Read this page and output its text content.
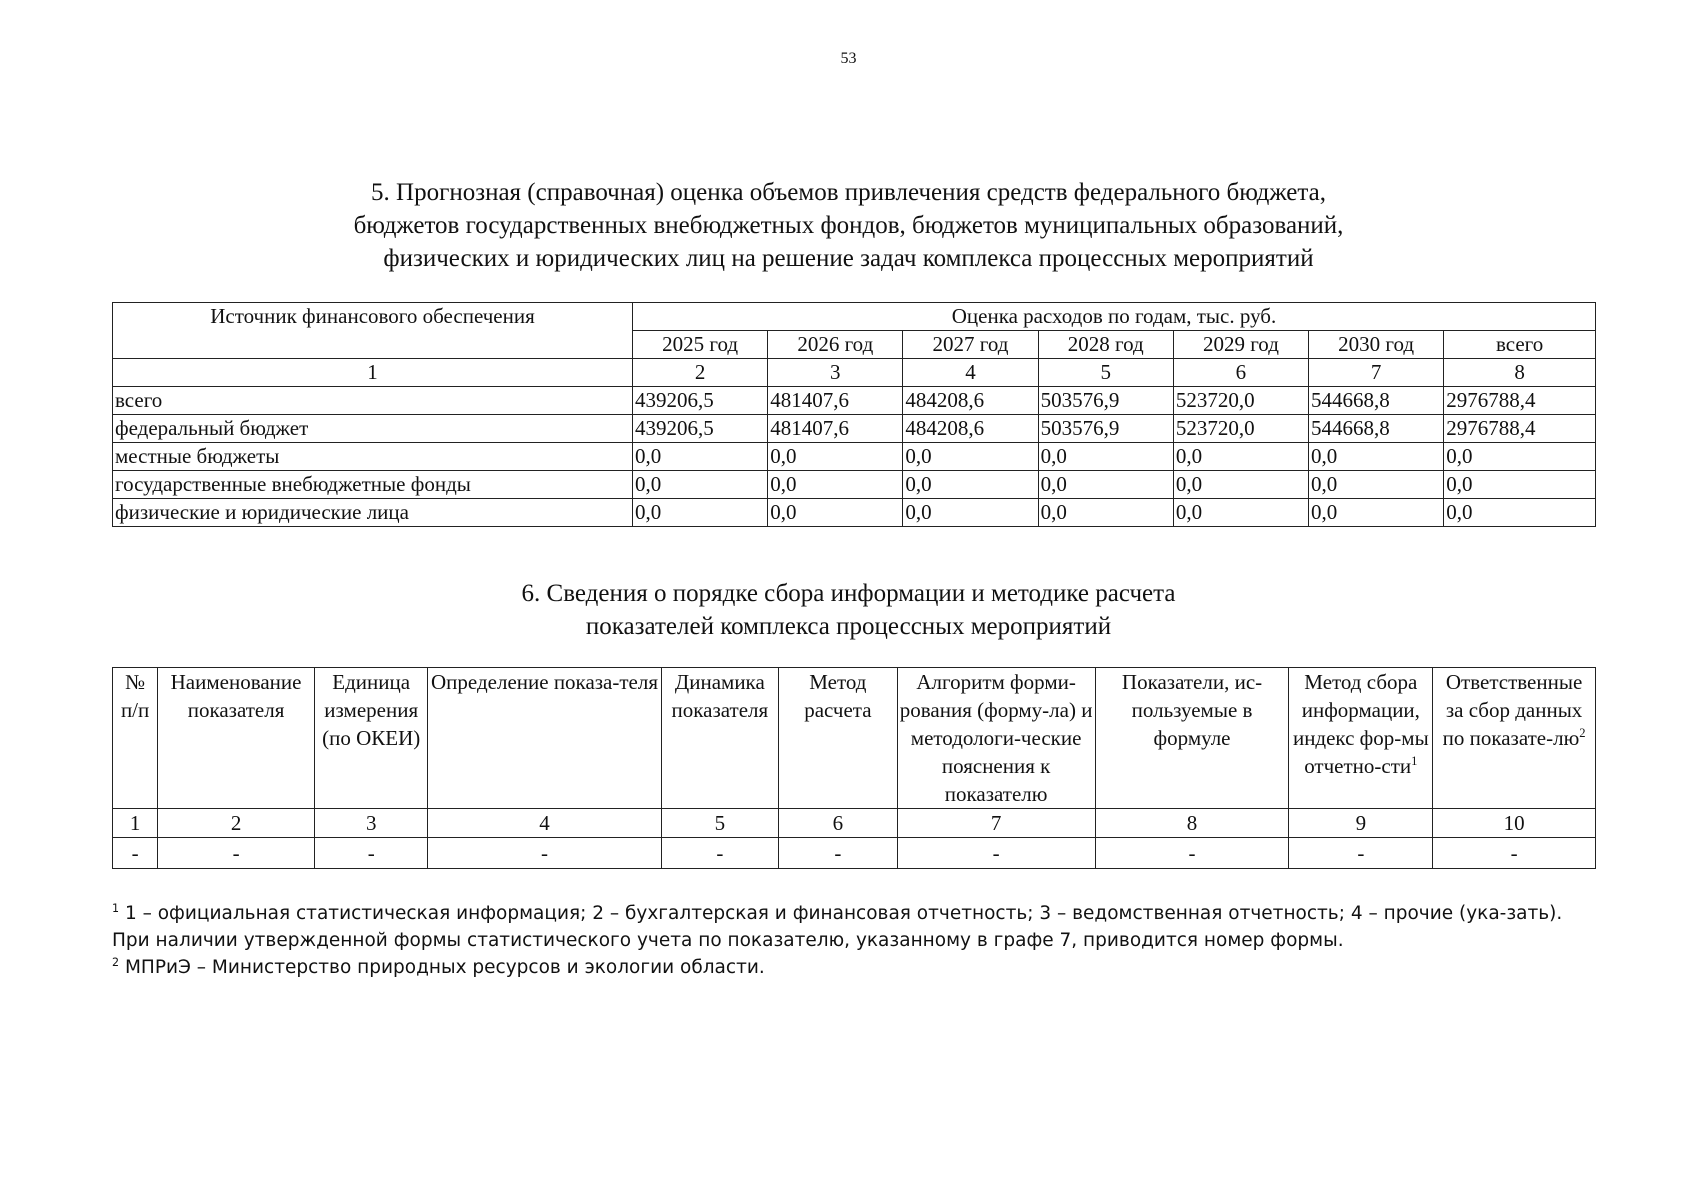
53
5. Прогнозная (справочная) оценка объемов привлечения средств федерального бюджета,
бюджетов государственных внебюджетных фондов, бюджетов муниципальных образований,
физических и юридических лиц на решение задач комплекса процессных мероприятий
Источник финансового обеспечения	Оценка расходов по годам, тыс. руб.						
	2025 год	2026 год	2027 год	2028 год	2029 год	2030 год	всего
1	2	3	4	5	6	7	8
всего	439206,5	481407,6	484208,6	503576,9	523720,0	544668,8	2976788,4
федеральный бюджет	439206,5	481407,6	484208,6	503576,9	523720,0	544668,8	2976788,4
местные бюджеты	0,0	0,0	0,0	0,0	0,0	0,0	0,0
государственные внебюджетные фонды	0,0	0,0	0,0	0,0	0,0	0,0	0,0
физические и юридические лица	0,0	0,0	0,0	0,0	0,0	0,0	0,0
6. Сведения о порядке сбора информации и методике расчета
показателей комплекса процессных мероприятий
№ п/п	Наименование показателя	Единица измерения (по ОКЕИ)	Определение показа-теля	Динамика показателя	Метод расчета	Алгоритм форми-рования (форму-ла) и методологи-ческие пояснения к показателю	Показатели, ис-пользуемые в формуле	Метод сбора информации, индекс фор-мы отчетно-сти$^1$	Ответственные за сбор данных по показате-$лю^2$
1	2	3	4	5	6	7	8	9	10
-	-	-	-	-	-	-	-	-	-

$^1$ 1 – официальная статистическая информация; 2 – бухгалтерская и финансовая отчетность; 3 – ведомственная отчетность; 4 – прочие (ука-зать). При наличии утвержденной формы статистического учета по показателю, указанному в графе 7, приводится номер формы.

$^2$ МПРиЭ – Министерство природных ресурсов и экологии области.
